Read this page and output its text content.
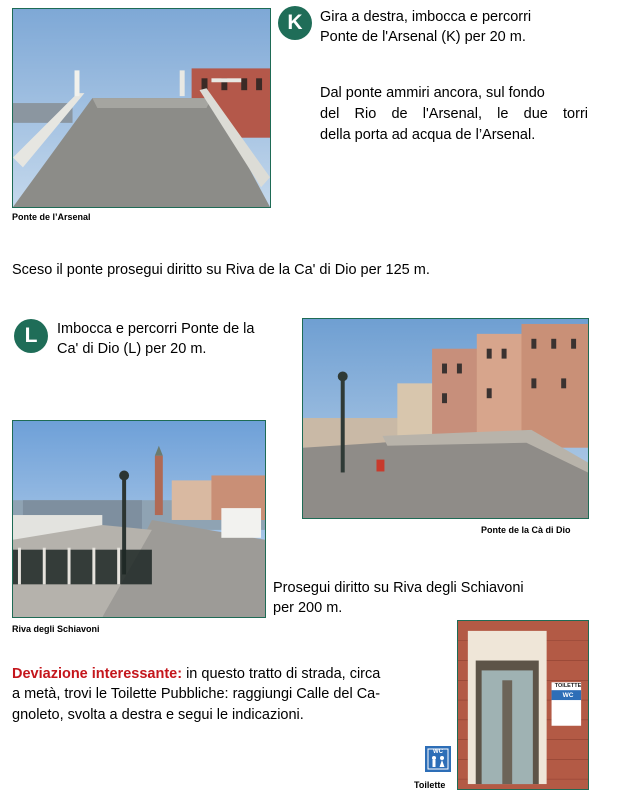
Ponte de l’Arsenal
K	Gira a destra, imbocca e percorri
Ponte de l'Arsenal (K) per 20 m.
Dal ponte ammiri ancora, sul fondo
del Rio de l'Arsenal, le due torri
della porta ad acqua de l’Arsenal.
Sceso il ponte prosegui diritto su Riva de la Ca' di Dio per 125 m.
L	Imbocca e percorri Ponte de la
Ca' di Dio (L) per 20 m.
Ponte de la Cà di Dio
Riva degli Schiavoni
Prosegui diritto su Riva degli Schiavoni
per 200 m.
Deviazione interessante: in questo tratto di strada, circa
a metà, trovi le Toilette Pubbliche: raggiungi Calle del Ca-
gnoleto, svolta a destra e segui le indicazioni.
WC
Toilette
TOILETTE
WC
